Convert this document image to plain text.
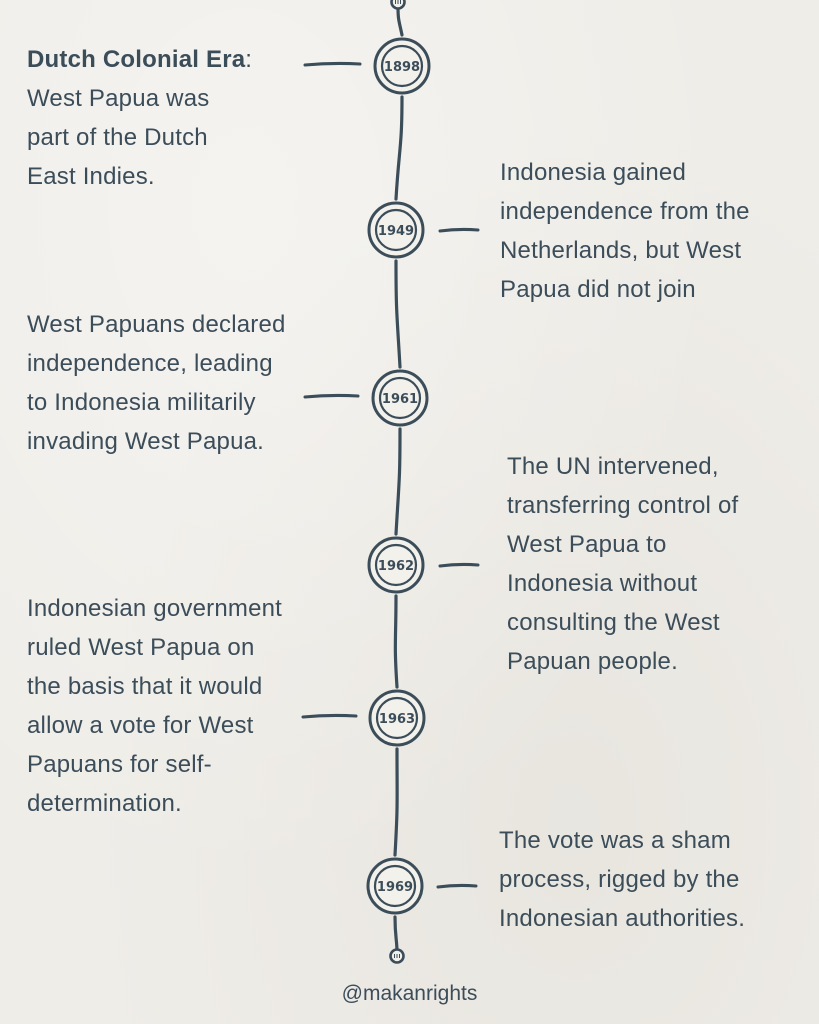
1898
1949
1961
1962
1963
1969
Dutch Colonial Era:
West Papua was
part of the Dutch
East Indies.	Indonesia gained
independence from the
Netherlands, but West
Papua did not join
West Papuans declared
independence, leading
to Indonesia militarily
invading West Papua.
The UN intervened,
transferring control of
West Papua to
Indonesia without
consulting the West
Papuan people.
Indonesian government
ruled West Papua on
the basis that it would
allow a vote for West
Papuans for self-
determination.
The vote was a sham
process, rigged by the
Indonesian authorities.
@makanrights
